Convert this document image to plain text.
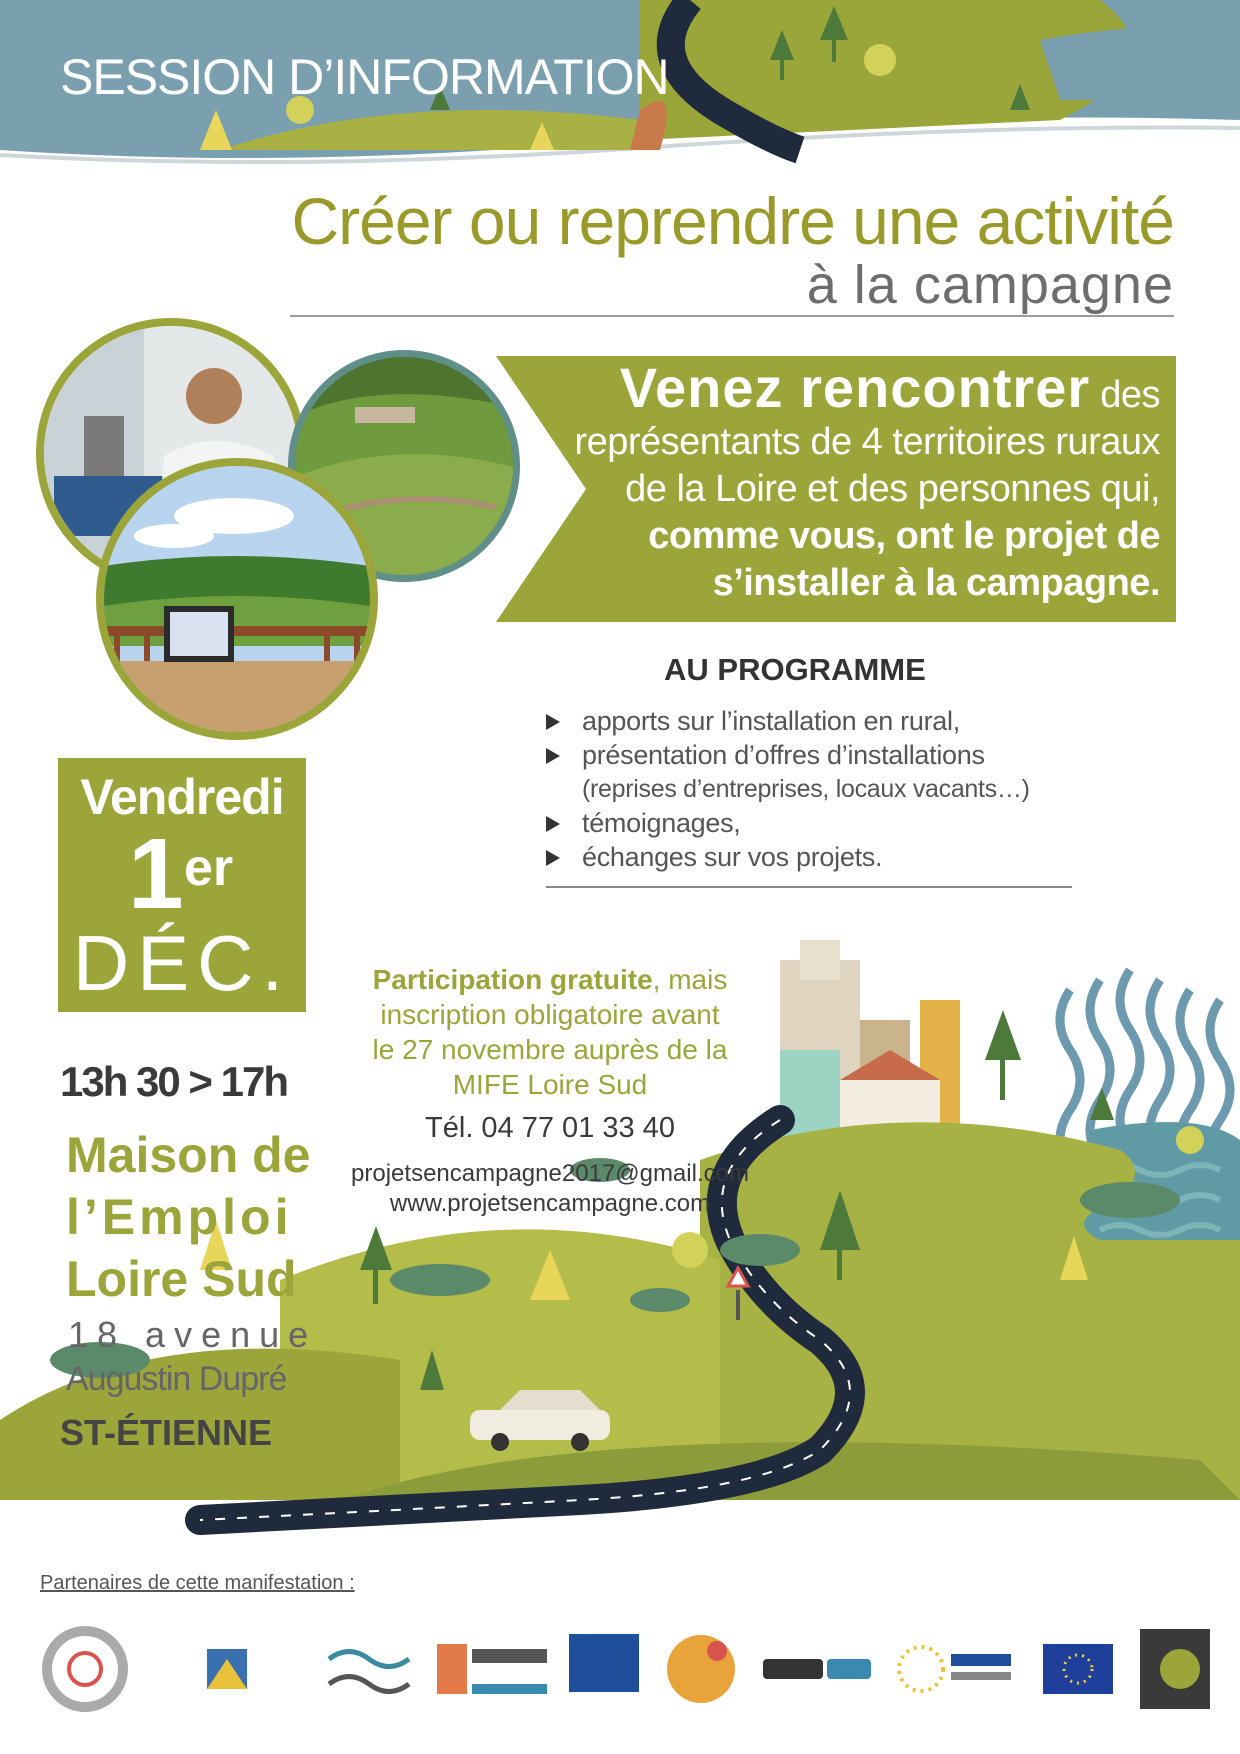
SESSION D’INFORMATION
Créer ou reprendre une activité
à la campagne
Venez rencontrer des
représentants de 4 territoires ruraux
de la Loire et des personnes qui,
comme vous, ont le projet de
s’installer à la campagne.
AU PROGRAMME
apports sur l’installation en rural,
présentation d’offres d’installations
(reprises d’entreprises, locaux vacants…)
témoignages,
échanges sur vos projets.
Vendredi
1 er
DÉC.
13h 30 > 17h
Maison de
l’Emploi
Loire Sud
18 avenue
Augustin Dupré
ST-ÉTIENNE
Participation gratuite, mais
inscription obligatoire avant
le 27 novembre auprès de la
MIFE Loire Sud
Tél. 04 77 01 33 40
projetsencampagne2017@gmail.com
www.projetsencampagne.com
Partenaires de cette manifestation :
